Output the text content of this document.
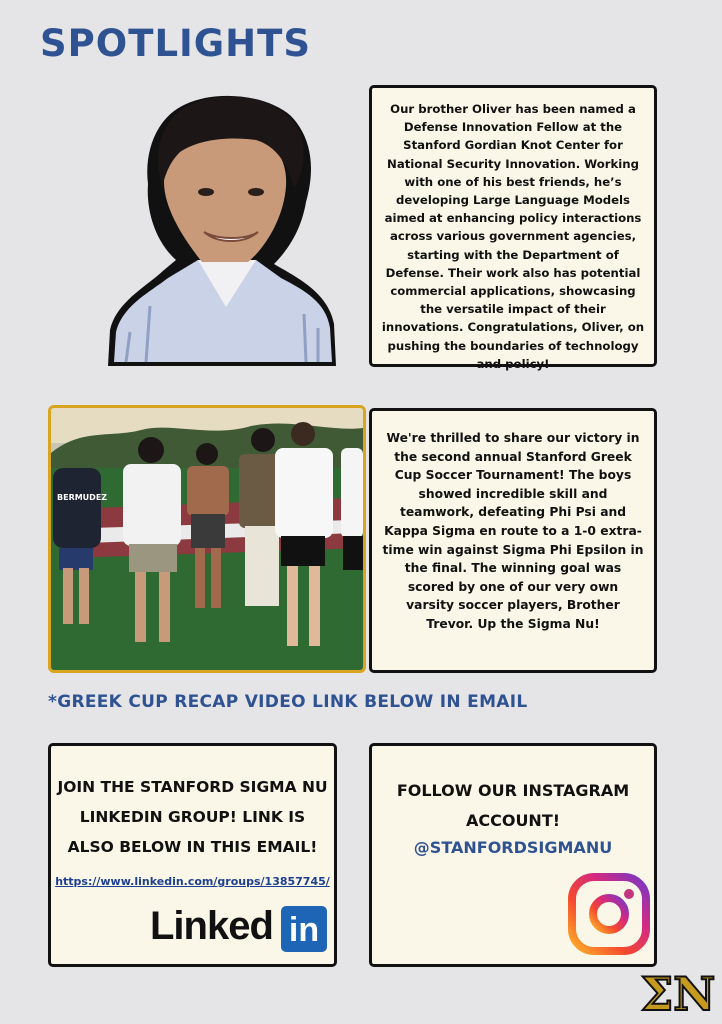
SPOTLIGHTS

Our brother Oliver has been named a Defense Innovation Fellow at the Stanford Gordian Knot Center for National Security Innovation. Working with one of his best friends, he’s developing Large Language Models aimed at enhancing policy interactions across various government agencies, starting with the Department of Defense. Their work also has potential commercial applications, showcasing the versatile impact of their innovations. Congratulations, Oliver, on pushing the boundaries of technology and policy!

BERMUDEZ

We're thrilled to share our victory in the second annual Stanford Greek Cup Soccer Tournament! The boys showed incredible skill and teamwork, defeating Phi Psi and Kappa Sigma en route to a 1-0 extra-time win against Sigma Phi Epsilon in the final. The winning goal was scored by one of our very own varsity soccer players, Brother Trevor. Up the Sigma Nu!

*GREEK CUP RECAP VIDEO LINK BELOW IN EMAIL

JOIN THE STANFORD SIGMA NU LINKEDIN GROUP! LINK IS ALSO BELOW IN THIS EMAIL!

https://www.linkedin.com/groups/13857745/
Linked in

FOLLOW OUR INSTAGRAM ACCOUNT!

@STANFORDSIGMANU
ΣΝ
